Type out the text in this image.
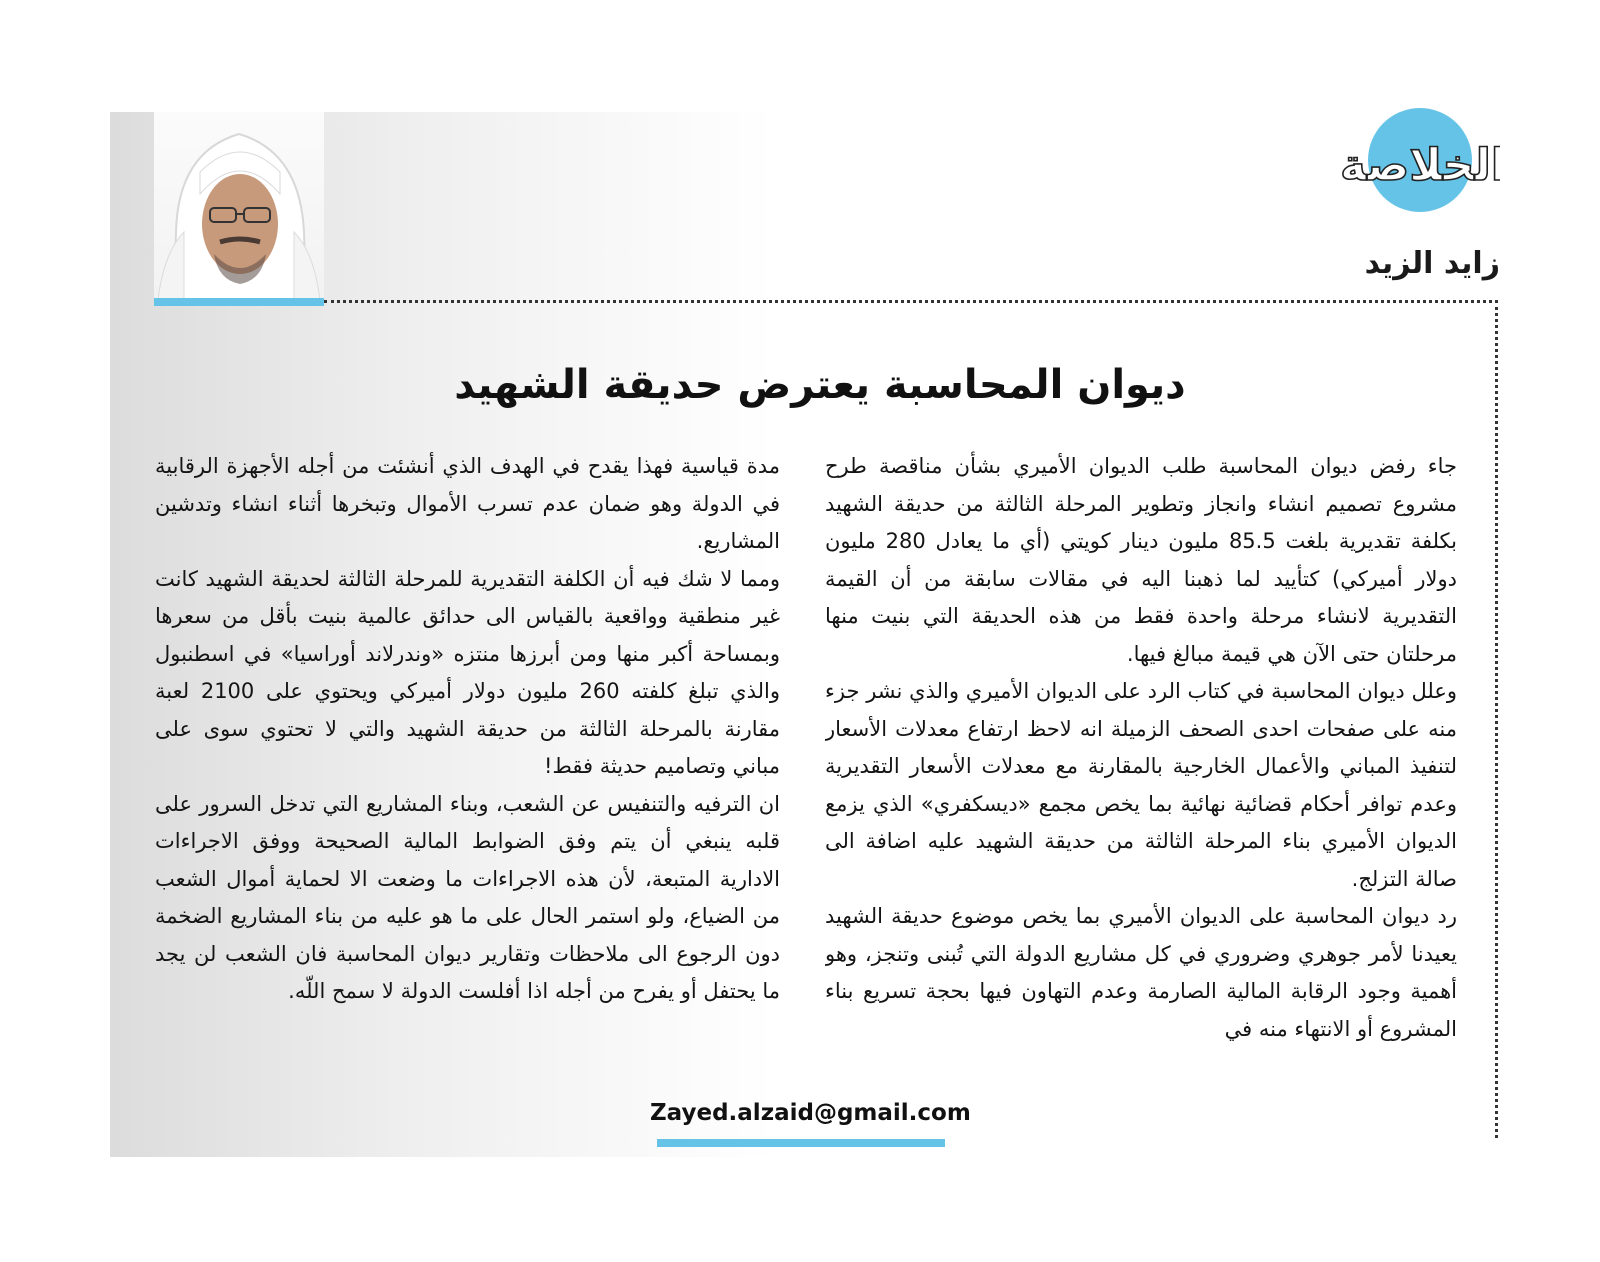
الخلاصة
زايد الزيد
ديوان المحاسبة يعترض حديقة الشهيد

جاء رفض ديوان المحاسبة طلب الديوان الأميري بشأن مناقصة طرح مشروع تصميم انشاء وانجاز وتطوير المرحلة الثالثة من حديقة الشهيد بكلفة تقديرية بلغت 85.5 مليون دينار كويتي (أي ما يعادل 280 مليون دولار أميركي) كتأييد لما ذهبنا اليه في مقالات سابقة من أن القيمة التقديرية لانشاء مرحلة واحدة فقط من هذه الحديقة التي بنيت منها مرحلتان حتى الآن هي قيمة مبالغ فيها.

وعلل ديوان المحاسبة في كتاب الرد على الديوان الأميري والذي نشر جزء منه على صفحات احدى الصحف الزميلة انه لاحظ ارتفاع معدلات الأسعار لتنفيذ المباني والأعمال الخارجية بالمقارنة مع معدلات الأسعار التقديرية وعدم توافر أحكام قضائية نهائية بما يخص مجمع «ديسكفري» الذي يزمع الديوان الأميري بناء المرحلة الثالثة من حديقة الشهيد عليه اضافة الى صالة التزلج.

رد ديوان المحاسبة على الديوان الأميري بما يخص موضوع حديقة الشهيد يعيدنا لأمر جوهري وضروري في كل مشاريع الدولة التي تُبنى وتنجز، وهو أهمية وجود الرقابة المالية الصارمة وعدم التهاون فيها بحجة تسريع بناء المشروع أو الانتهاء منه في

مدة قياسية فهذا يقدح في الهدف الذي أنشئت من أجله الأجهزة الرقابية في الدولة وهو ضمان عدم تسرب الأموال وتبخرها أثناء انشاء وتدشين المشاريع.

ومما لا شك فيه أن الكلفة التقديرية للمرحلة الثالثة لحديقة الشهيد كانت غير منطقية وواقعية بالقياس الى حدائق عالمية بنيت بأقل من سعرها وبمساحة أكبر منها ومن أبرزها منتزه «وندرلاند أوراسيا» في اسطنبول والذي تبلغ كلفته 260 مليون دولار أميركي ويحتوي على 2100 لعبة مقارنة بالمرحلة الثالثة من حديقة الشهيد والتي لا تحتوي سوى على مباني وتصاميم حديثة فقط!

ان الترفيه والتنفيس عن الشعب، وبناء المشاريع التي تدخل السرور على قلبه ينبغي أن يتم وفق الضوابط المالية الصحيحة ووفق الاجراءات الادارية المتبعة، لأن هذه الاجراءات ما وضعت الا لحماية أموال الشعب من الضياع، ولو استمر الحال على ما هو عليه من بناء المشاريع الضخمة دون الرجوع الى ملاحظات وتقارير ديوان المحاسبة فان الشعب لن يجد ما يحتفل أو يفرح من أجله اذا أفلست الدولة لا سمح اللّه.

Zayed.alzaid@gmail.com
